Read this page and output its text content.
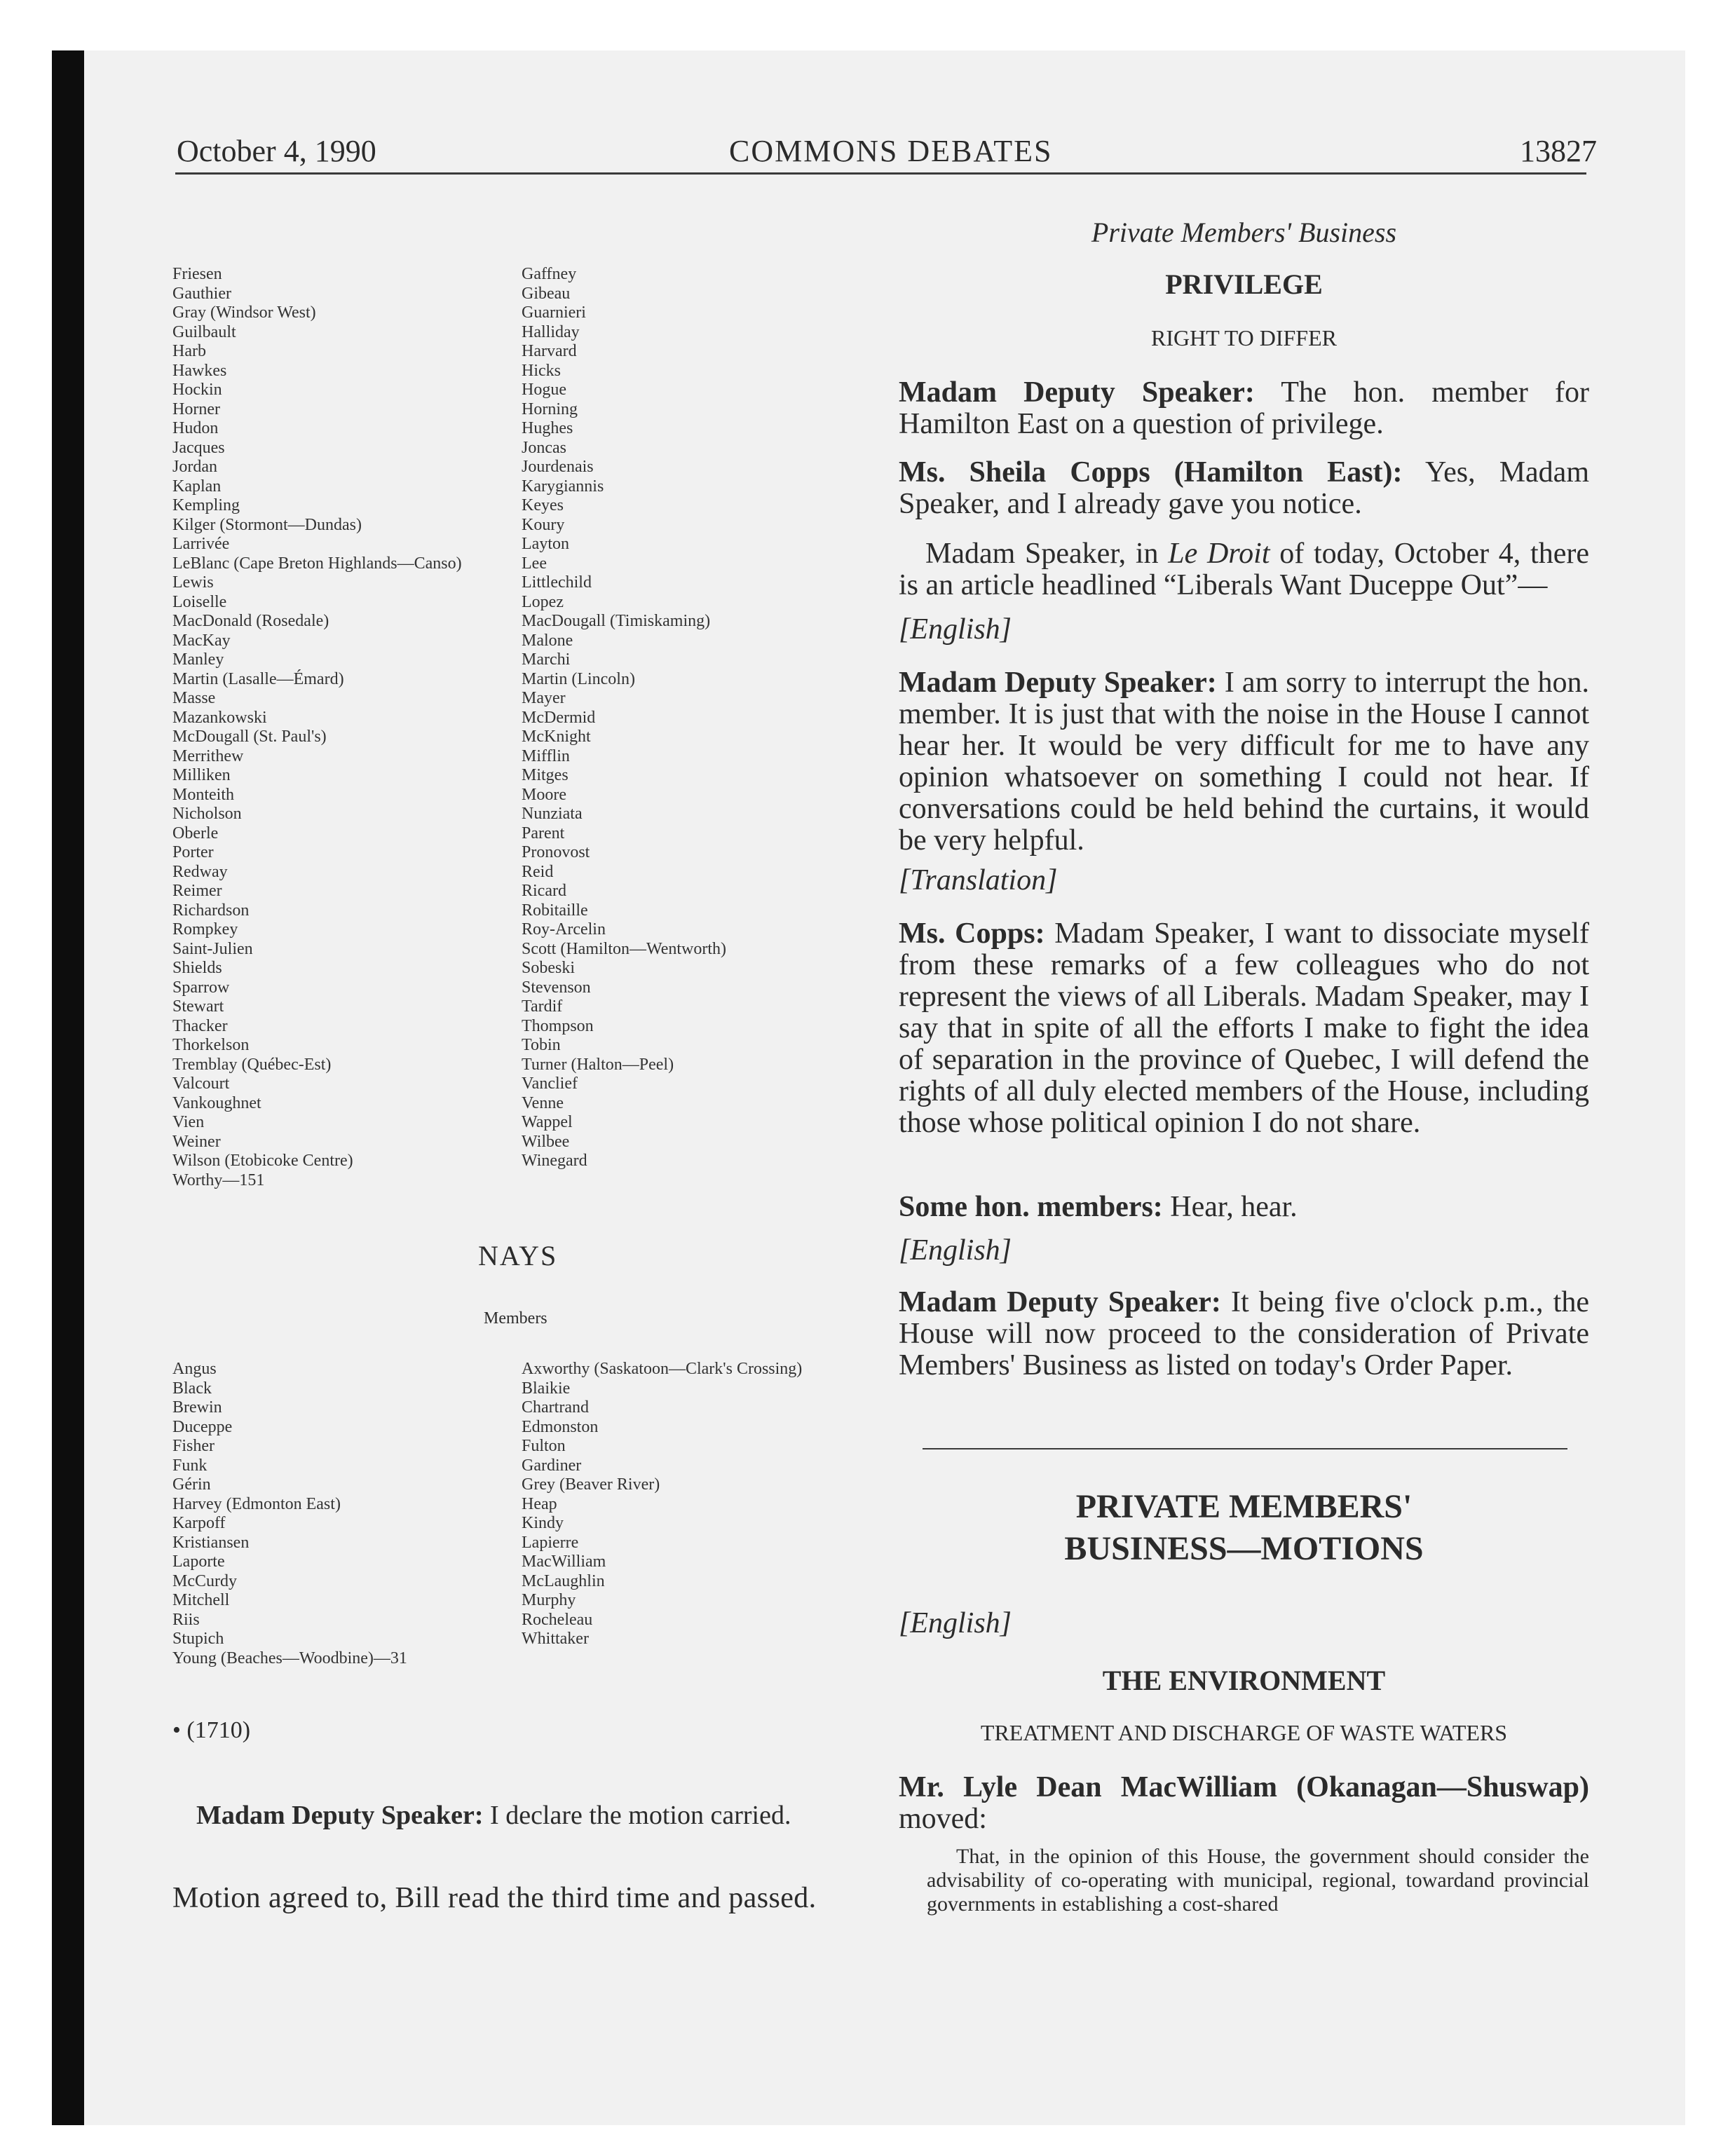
October 4, 1990	COMMONS DEBATES	13827
Friesen
Gauthier
Gray (Windsor West)
Guilbault
Harb
Hawkes
Hockin
Horner
Hudon
Jacques
Jordan
Kaplan
Kempling
Kilger (Stormont—Dundas)
Larrivée
LeBlanc (Cape Breton Highlands—Canso)
Lewis
Loiselle
MacDonald (Rosedale)
MacKay
Manley
Martin (Lasalle—Émard)
Masse
Mazankowski
McDougall (St. Paul's)
Merrithew
Milliken
Monteith
Nicholson
Oberle
Porter
Redway
Reimer
Richardson
Rompkey
Saint-Julien
Shields
Sparrow
Stewart
Thacker
Thorkelson
Tremblay (Québec-Est)
Valcourt
Vankoughnet
Vien
Weiner
Wilson (Etobicoke Centre)
Worthy—151
Gaffney
Gibeau
Guarnieri
Halliday
Harvard
Hicks
Hogue
Horning
Hughes
Joncas
Jourdenais
Karygiannis
Keyes
Koury
Layton
Lee
Littlechild
Lopez
MacDougall (Timiskaming)
Malone
Marchi
Martin (Lincoln)
Mayer
McDermid
McKnight
Mifflin
Mitges
Moore
Nunziata
Parent
Pronovost
Reid
Ricard
Robitaille
Roy-Arcelin
Scott (Hamilton—Wentworth)
Sobeski
Stevenson
Tardif
Thompson
Tobin
Turner (Halton—Peel)
Vanclief
Venne
Wappel
Wilbee
Winegard
NAYS
Members
Angus
Black
Brewin
Duceppe
Fisher
Funk
Gérin
Harvey (Edmonton East)
Karpoff
Kristiansen
Laporte
McCurdy
Mitchell
Riis
Stupich
Young (Beaches—Woodbine)—31
Axworthy (Saskatoon—Clark's Crossing)
Blaikie
Chartrand
Edmonston
Fulton
Gardiner
Grey (Beaver River)
Heap
Kindy
Lapierre
MacWilliam
McLaughlin
Murphy
Rocheleau
Whittaker
• (1710)
Madam Deputy Speaker: I declare the motion carried.
Motion agreed to, Bill read the third time and passed.
Private Members' Business
PRIVILEGE
RIGHT TO DIFFER
Madam Deputy Speaker: The hon. member for Hamilton East on a question of privilege.
Ms. Sheila Copps (Hamilton East): Yes, Madam Speaker, and I already gave you notice.
Madam Speaker, in Le Droit of today, October 4, there is an article headlined “Liberals Want Duceppe Out”—
[English]
Madam Deputy Speaker: I am sorry to interrupt the hon. member. It is just that with the noise in the House I cannot hear her. It would be very difficult for me to have any opinion whatsoever on something I could not hear. If conversations could be held behind the curtains, it would be very helpful.
[Translation]
Ms. Copps: Madam Speaker, I want to dissociate myself from these remarks of a few colleagues who do not represent the views of all Liberals. Madam Speaker, may I say that in spite of all the efforts I make to fight the idea of separation in the province of Quebec, I will defend the rights of all duly elected members of the House, including those whose political opinion I do not share.
Some hon. members: Hear, hear.
[English]
Madam Deputy Speaker: It being five o'clock p.m., the House will now proceed to the consideration of Private Members' Business as listed on today's Order Paper.
PRIVATE MEMBERS'
BUSINESS—MOTIONS
[English]
THE ENVIRONMENT
TREATMENT AND DISCHARGE OF WASTE WATERS
Mr. Lyle Dean MacWilliam (Okanagan—Shuswap) moved:
That, in the opinion of this House, the government should consider the advisability of co-operating with municipal, regional, towardand provincial governments in establishing a cost-shared
